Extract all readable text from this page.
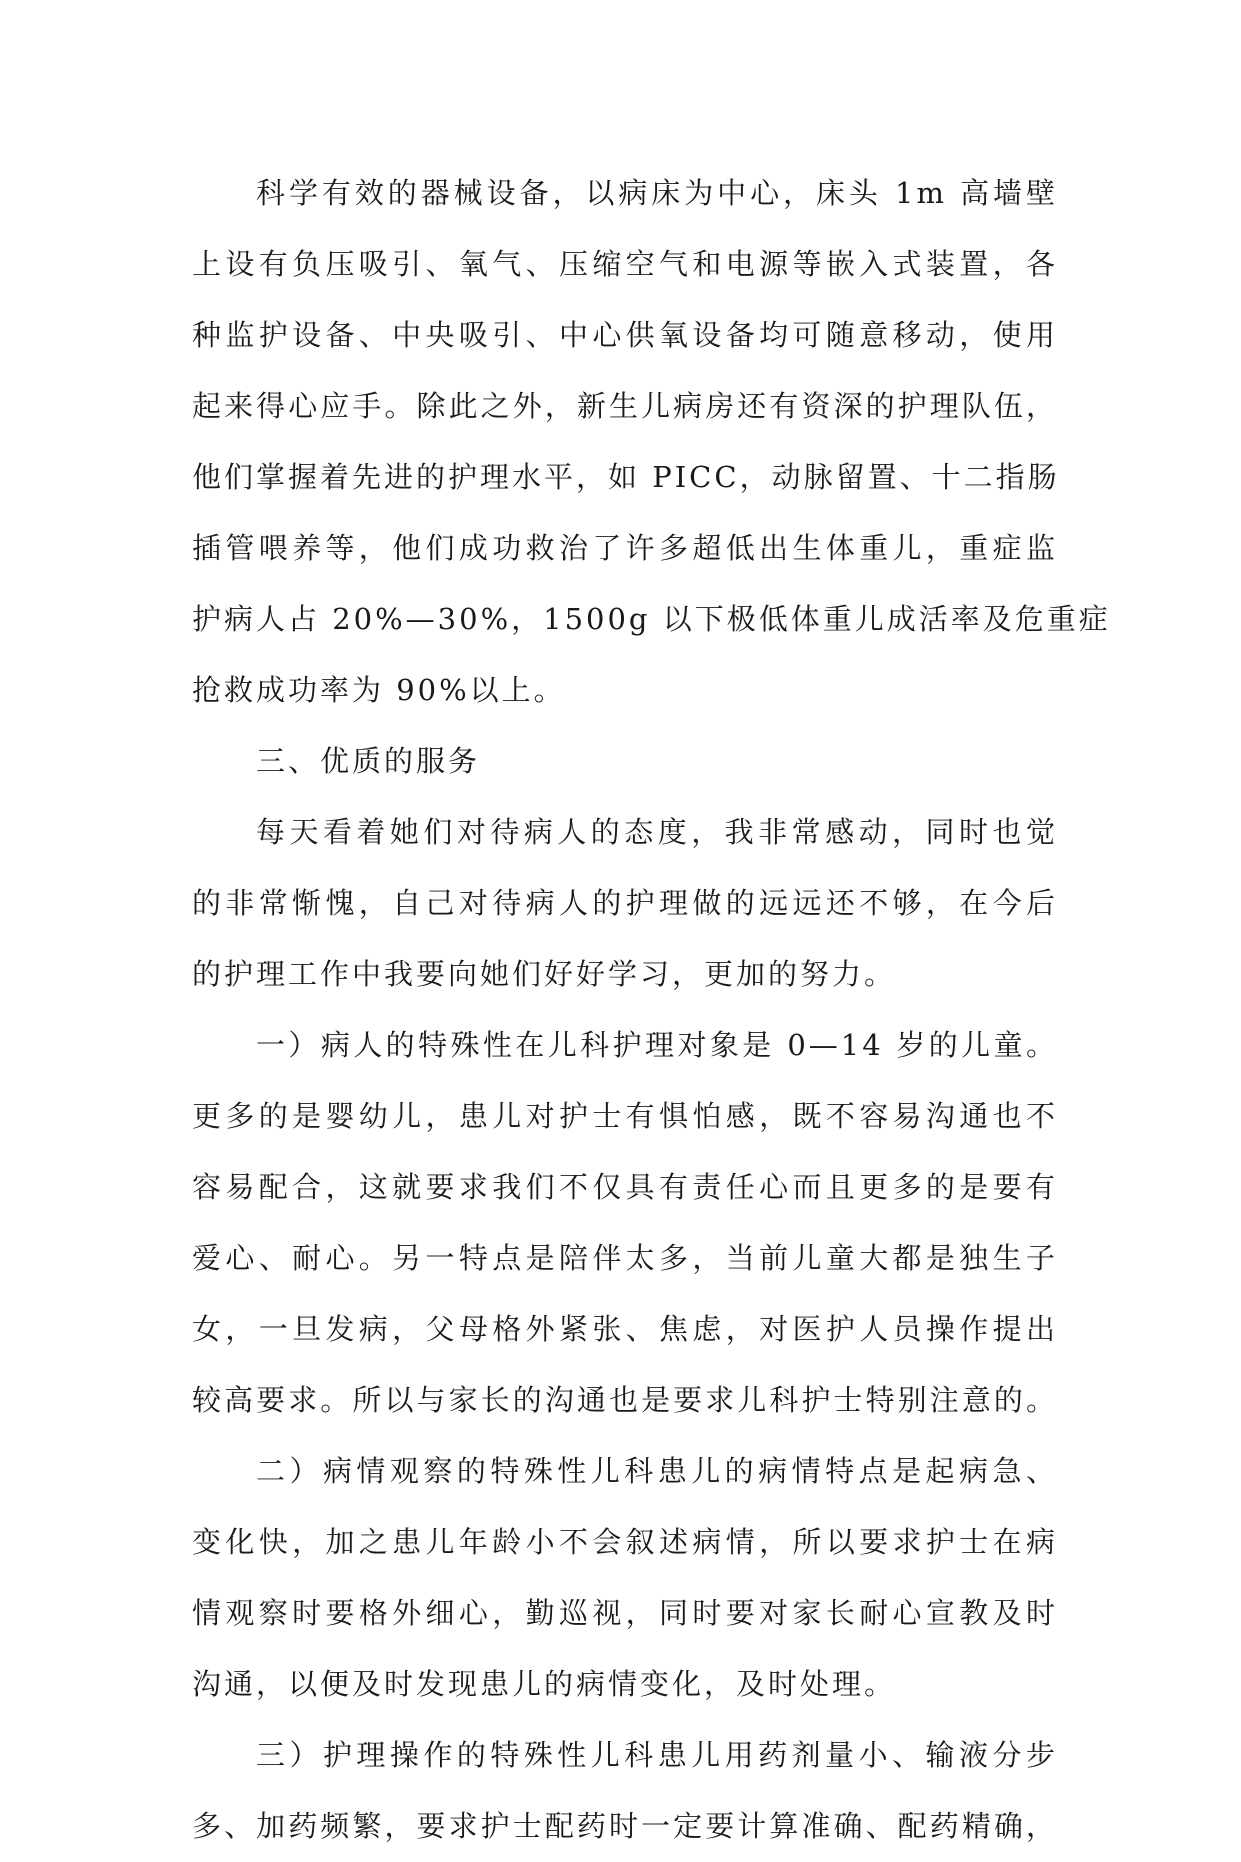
科学有效的器械设备，以病床为中心，床头 1m 高墙壁
上设有负压吸引、氧气、压缩空气和电源等嵌入式装置，各
种监护设备、中央吸引、中心供氧设备均可随意移动，使用
起来得心应手。除此之外，新生儿病房还有资深的护理队伍，
他们掌握着先进的护理水平，如 PICC，动脉留置、十二指肠
插管喂养等，他们成功救治了许多超低出生体重儿，重症监
护病人占 20%—30%，1500g 以下极低体重儿成活率及危重症
抢救成功率为 90%以上。
三、优质的服务
每天看着她们对待病人的态度，我非常感动，同时也觉
的非常惭愧，自己对待病人的护理做的远远还不够，在今后
的护理工作中我要向她们好好学习，更加的努力。
一）病人的特殊性在儿科护理对象是 0—14 岁的儿童。
更多的是婴幼儿，患儿对护士有惧怕感，既不容易沟通也不
容易配合，这就要求我们不仅具有责任心而且更多的是要有
爱心、耐心。另一特点是陪伴太多，当前儿童大都是独生子
女，一旦发病，父母格外紧张、焦虑，对医护人员操作提出
较高要求。所以与家长的沟通也是要求儿科护士特别注意的。
二）病情观察的特殊性儿科患儿的病情特点是起病急、
变化快，加之患儿年龄小不会叙述病情，所以要求护士在病
情观察时要格外细心，勤巡视，同时要对家长耐心宣教及时
沟通，以便及时发现患儿的病情变化，及时处理。
三）护理操作的特殊性儿科患儿用药剂量小、输液分步
多、加药频繁，要求护士配药时一定要计算准确、配药精确，
